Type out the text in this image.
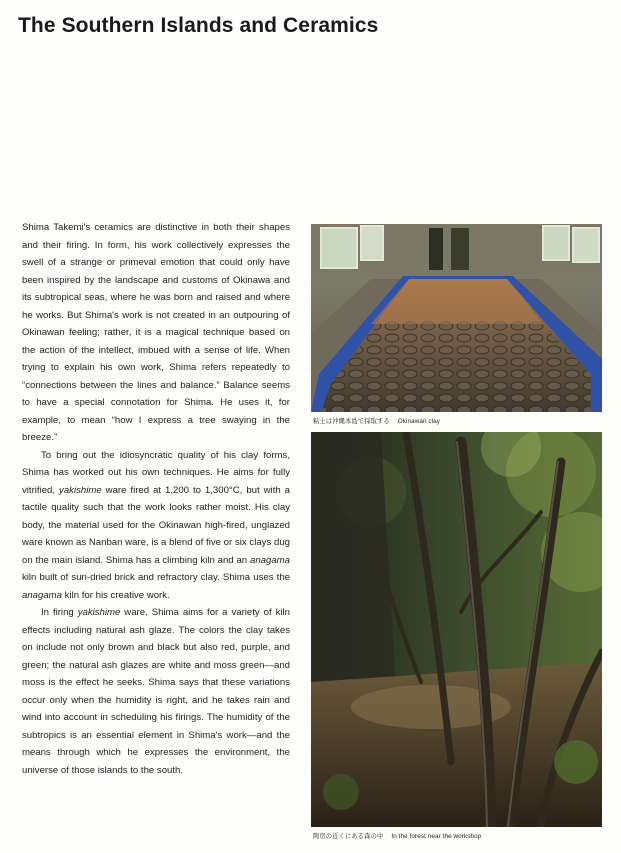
The Southern Islands and Ceramics

Shima Takemi's ceramics are distinctive in both their shapes and their firing. In form, his work collectively expresses the swell of a strange or primeval emotion that could only have been inspired by the landscape and customs of Okinawa and its subtropical seas, where he was born and raised and where he works. But Shima's work is not created in an outpouring of Okinawan feeling; rather, it is a magical technique based on the action of the intellect, imbued with a sense of life. When trying to explain his own work, Shima refers repeatedly to “connections between the lines and balance.” Balance seems to have a special connotation for Shima. He uses it, for example, to mean “how I express a tree swaying in the breeze.”

To bring out the idiosyncratic quality of his clay forms, Shima has worked out his own techniques. He aims for fully vitrified, yakishime ware fired at 1,200 to 1,300°C, but with a tactile quality such that the work looks rather moist. His clay body, the material used for the Okinawan high-fired, unglazed ware known as Nanban ware, is a blend of five or six clays dug on the main island. Shima has a climbing kiln and an anagama kiln built of sun-dried brick and refractory clay. Shima uses the anagama kiln for his creative work.

In firing yakishime ware, Shima aims for a variety of kiln effects including natural ash glaze. The colors the clay takes on include not only brown and black but also red, purple, and green; the natural ash glazes are white and moss green—and moss is the effect he seeks. Shima says that these variations occur only when the humidity is right, and he takes rain and wind into account in scheduling his firings. The humidity of the subtropics is an essential element in Shima's work—and the means through which he expresses the environment, the universe of those islands to the south.

粘土は沖縄本島で採取する Okinawan clay
陶房の近くにある森の中 In the forest near the workshop
